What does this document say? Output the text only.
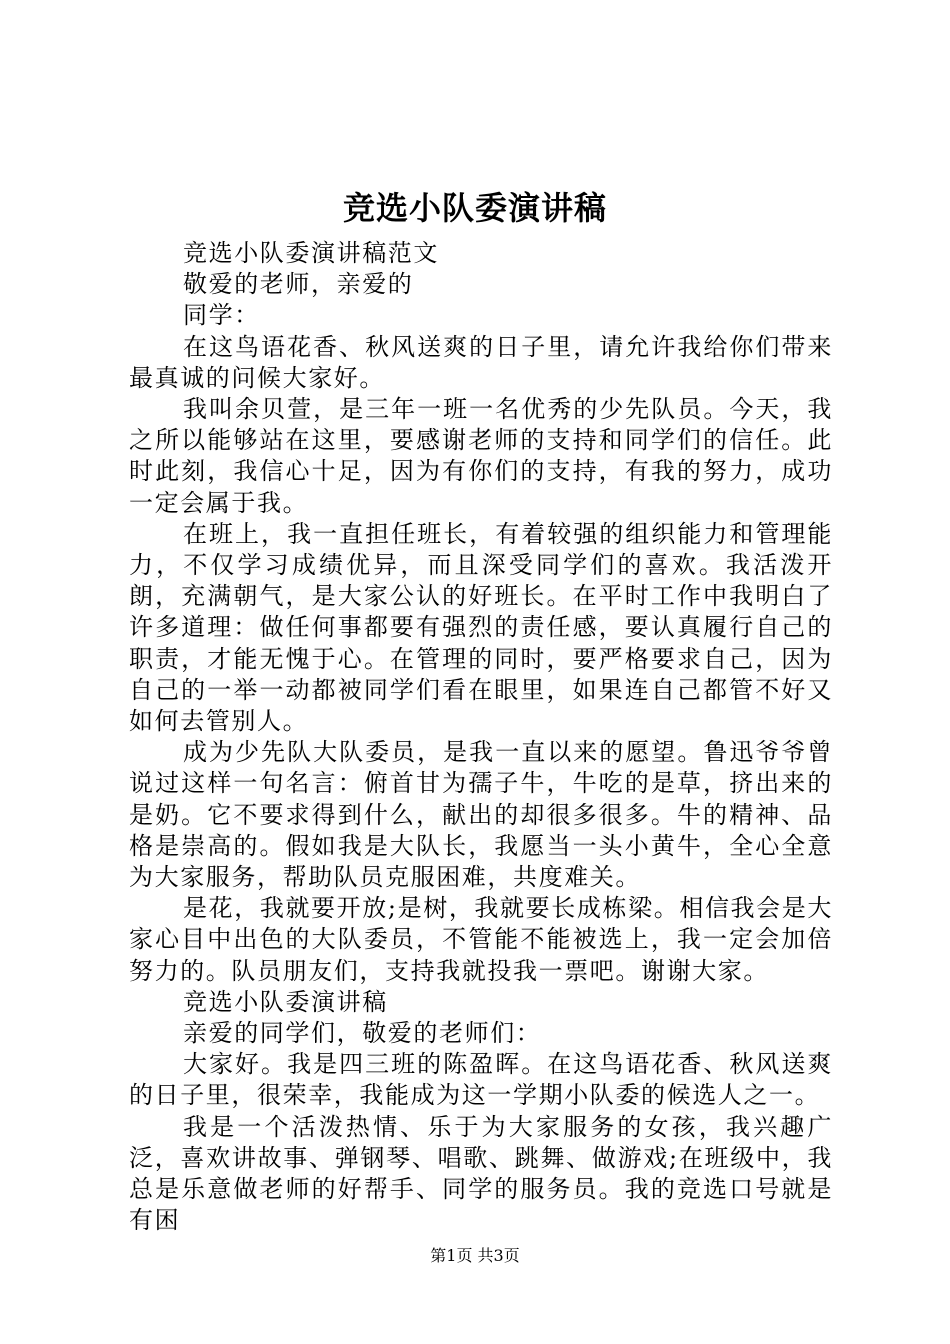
竞选小队委演讲稿

竞选小队委演讲稿范文

敬爱的老师，亲爱的

同学：

在这鸟语花香、秋风送爽的日子里，请允许我给你们带来最真诚的问候大家好。

我叫余贝萱，是三年一班一名优秀的少先队员。今天，我之所以能够站在这里，要感谢老师的支持和同学们的信任。此时此刻，我信心十足，因为有你们的支持，有我的努力，成功一定会属于我。

在班上，我一直担任班长，有着较强的组织能力和管理能力，不仅学习成绩优异，而且深受同学们的喜欢。我活泼开朗，充满朝气，是大家公认的好班长。在平时工作中我明白了许多道理：做任何事都要有强烈的责任感，要认真履行自己的职责，才能无愧于心。在管理的同时，要严格要求自己，因为自己的一举一动都被同学们看在眼里，如果连自己都管不好又如何去管别人。

成为少先队大队委员，是我一直以来的愿望。鲁迅爷爷曾说过这样一句名言：俯首甘为孺子牛，牛吃的是草，挤出来的是奶。它不要求得到什么，献出的却很多很多。牛的精神、品格是崇高的。假如我是大队长，我愿当一头小黄牛，全心全意为大家服务，帮助队员克服困难，共度难关。

是花，我就要开放;是树，我就要长成栋梁。相信我会是大家心目中出色的大队委员，不管能不能被选上，我一定会加倍努力的。队员朋友们，支持我就投我一票吧。谢谢大家。

竞选小队委演讲稿

亲爱的同学们，敬爱的老师们：

大家好。我是四三班的陈盈晖。在这鸟语花香、秋风送爽的日子里，很荣幸，我能成为这一学期小队委的候选人之一。

我是一个活泼热情、乐于为大家服务的女孩，我兴趣广泛，喜欢讲故事、弹钢琴、唱歌、跳舞、做游戏;在班级中，我总是乐意做老师的好帮手、同学的服务员。我的竞选口号就是有困

第1页 共3页
